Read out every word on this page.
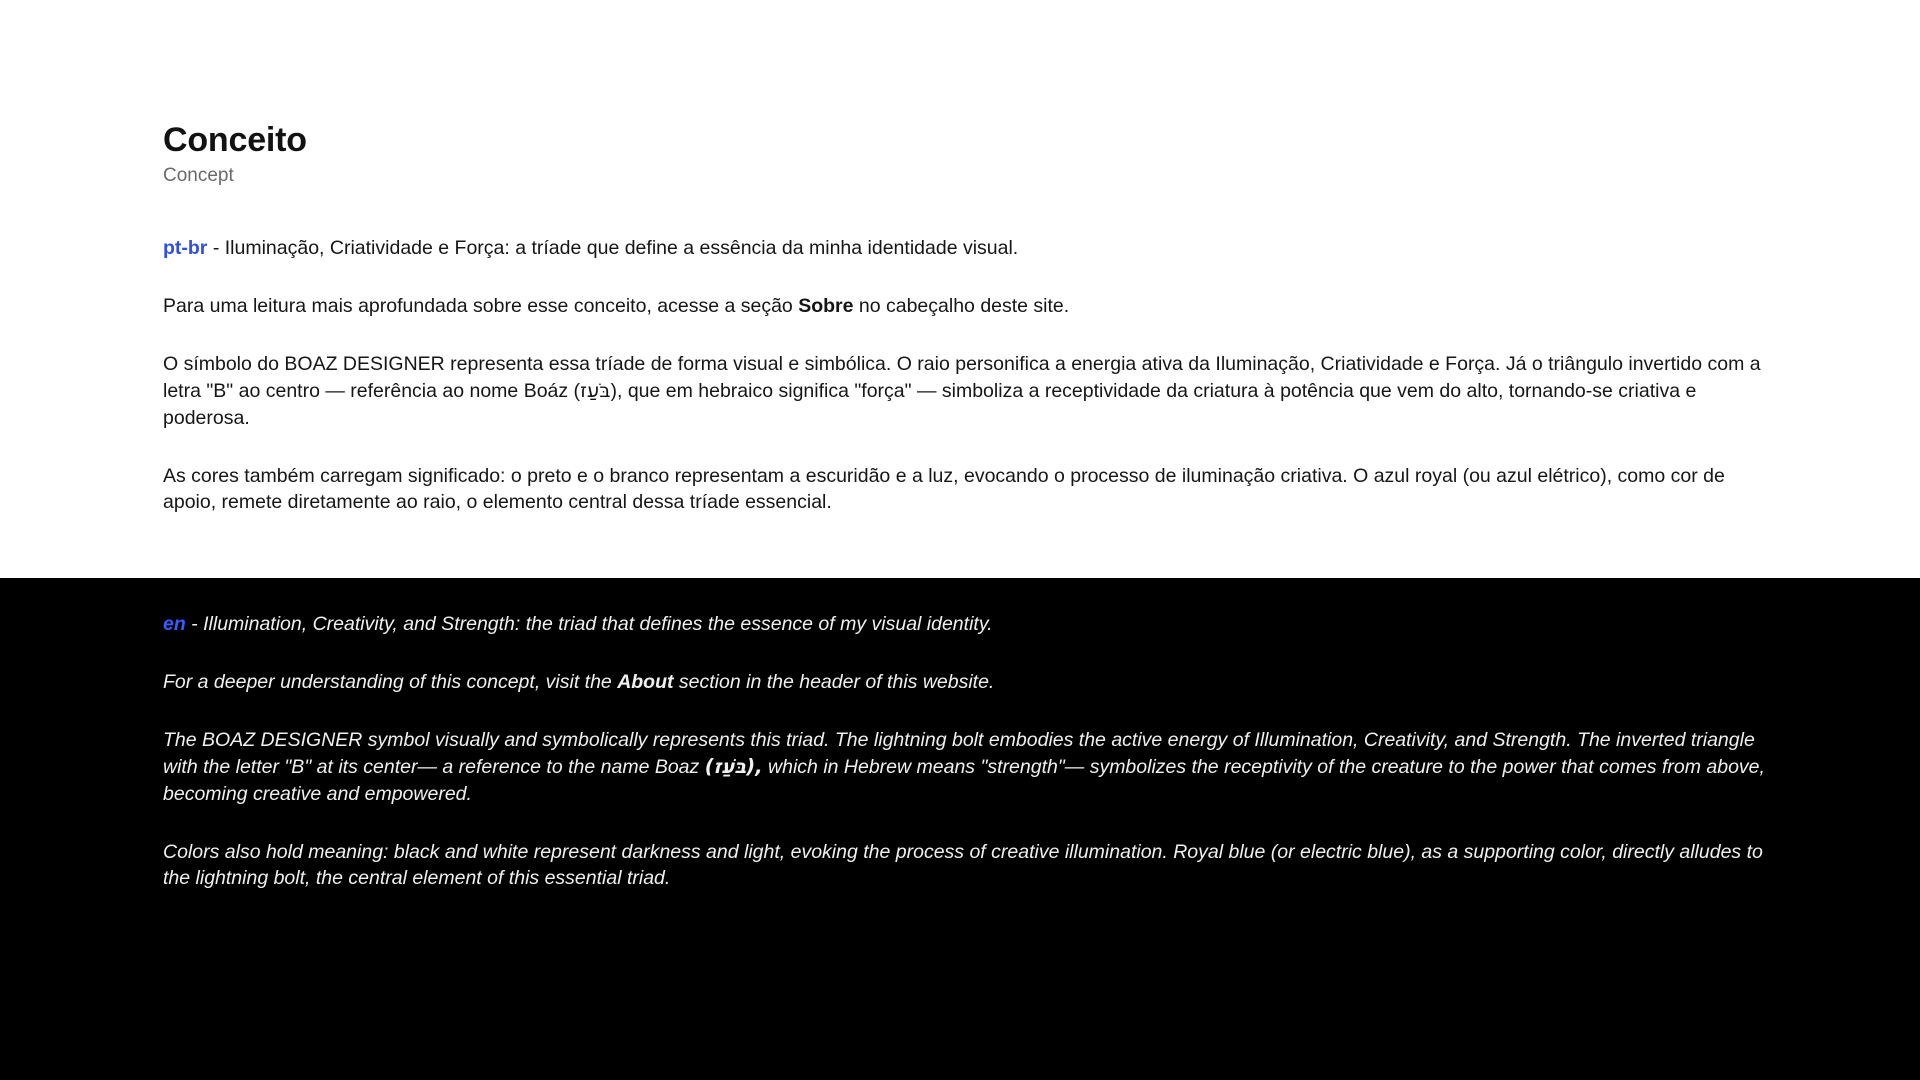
Conceito
Concept

pt-br - Iluminação, Criatividade e Força: a tríade que define a essência da minha identidade visual.

Para uma leitura mais aprofundada sobre esse conceito, acesse a seção Sobre no cabeçalho deste site.

O símbolo do BOAZ DESIGNER representa essa tríade de forma visual e simbólica. O raio personifica a energia ativa da Iluminação, Criatividade e Força. Já o triângulo invertido com a letra "B" ao centro — referência ao nome Boáz (בֹּעַז), que em hebraico significa "força" — simboliza a receptividade da criatura à potência que vem do alto, tornando-se criativa e poderosa.

As cores também carregam significado: o preto e o branco representam a escuridão e a luz, evocando o processo de iluminação criativa. O azul royal (ou azul elétrico), como cor de apoio, remete diretamente ao raio, o elemento central dessa tríade essencial.

en - Illumination, Creativity, and Strength: the triad that defines the essence of my visual identity.

For a deeper understanding of this concept, visit the About section in the header of this website.

The BOAZ DESIGNER symbol visually and symbolically represents this triad. The lightning bolt embodies the active energy of Illumination, Creativity, and Strength. The inverted triangle with the letter "B" at its center— a reference to the name Boaz (בֹּעַז), which in Hebrew means "strength"— symbolizes the receptivity of the creature to the power that comes from above, becoming creative and empowered.

Colors also hold meaning: black and white represent darkness and light, evoking the process of creative illumination. Royal blue (or electric blue), as a supporting color, directly alludes to the lightning bolt, the central element of this essential triad.
